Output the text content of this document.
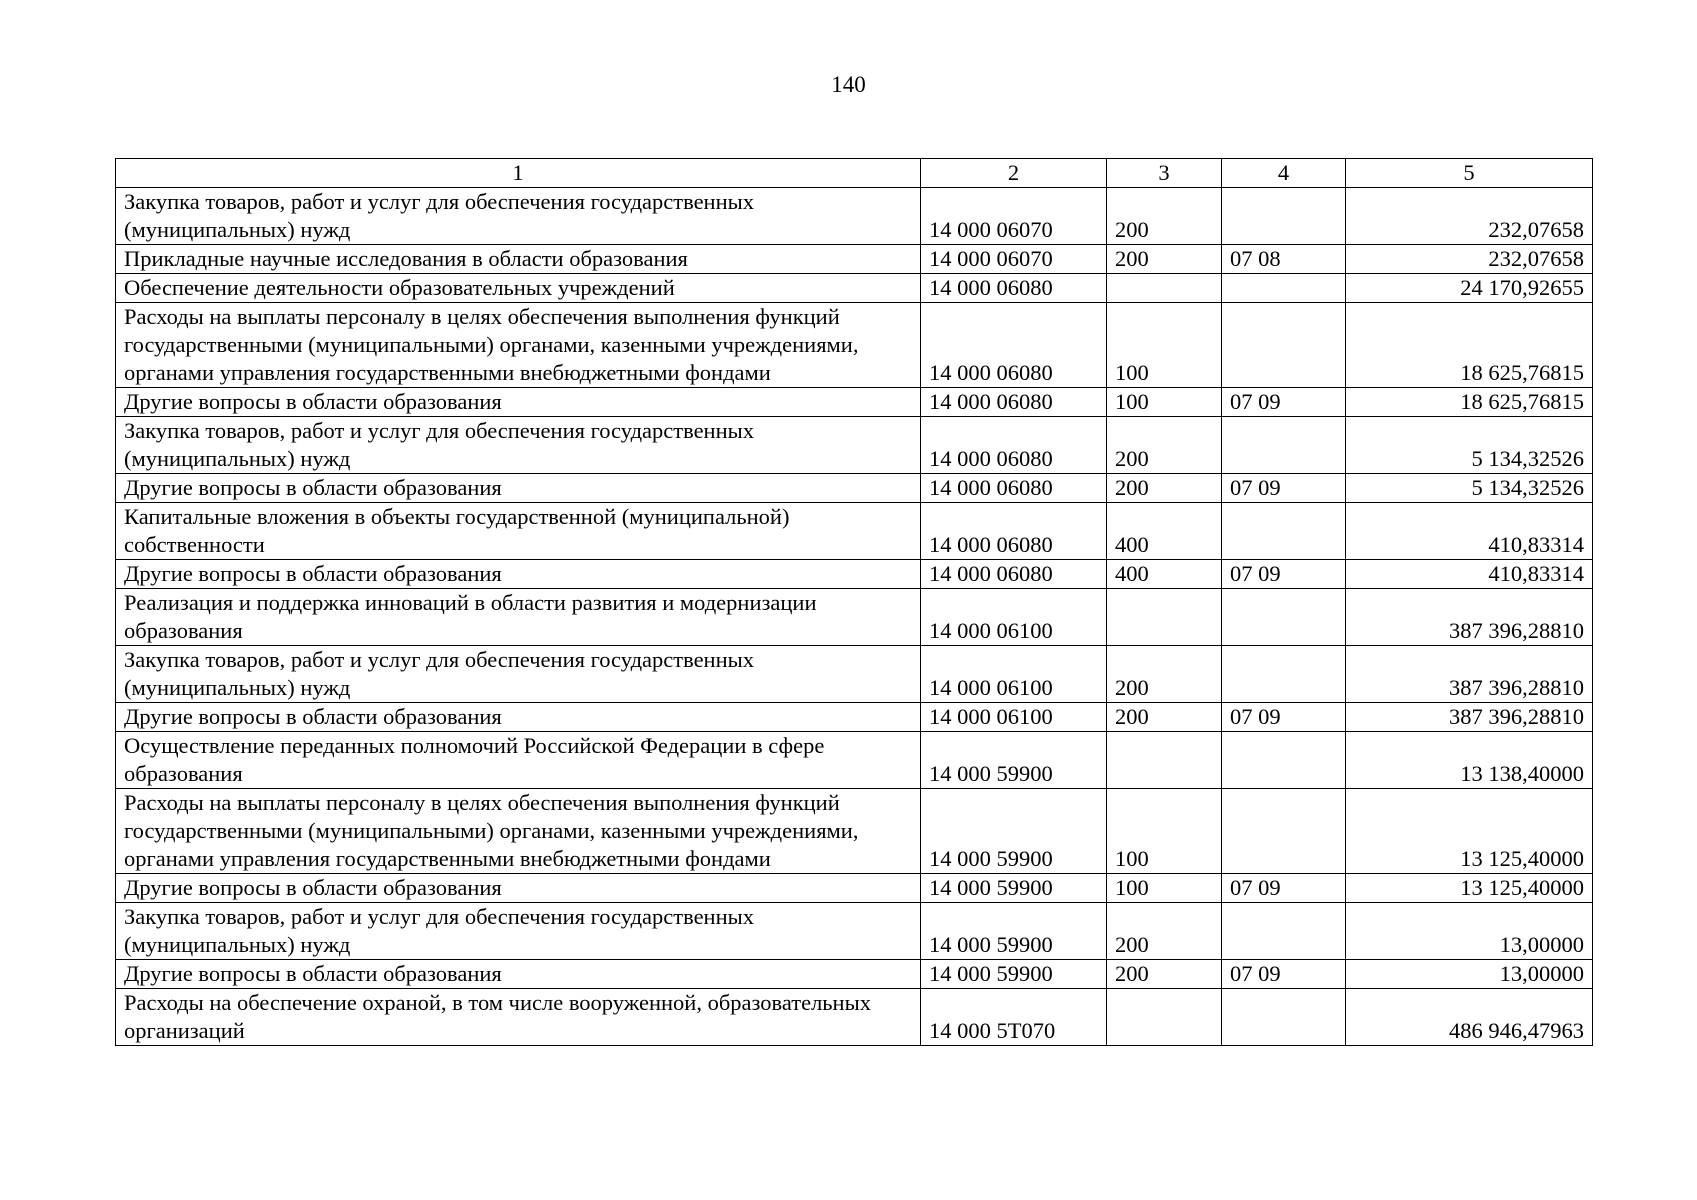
140
1	2	3	4	5
Закупка товаров, работ и услуг для обеспечения государственных (муниципальных) нужд	14 000 06070	200		232,07658
Прикладные научные исследования в области образования	14 000 06070	200	07 08	232,07658
Обеспечение деятельности образовательных учреждений	14 000 06080			24 170,92655
Расходы на выплаты персоналу в целях обеспечения выполнения функций государственными (муниципальными) органами, казенными учреждениями, органами управления государственными внебюджетными фондами	14 000 06080	100		18 625,76815
Другие вопросы в области образования	14 000 06080	100	07 09	18 625,76815
Закупка товаров, работ и услуг для обеспечения государственных (муниципальных) нужд	14 000 06080	200		5 134,32526
Другие вопросы в области образования	14 000 06080	200	07 09	5 134,32526
Капитальные вложения в объекты государственной (муниципальной) собственности	14 000 06080	400		410,83314
Другие вопросы в области образования	14 000 06080	400	07 09	410,83314
Реализация и поддержка инноваций в области развития и модернизации образования	14 000 06100			387 396,28810
Закупка товаров, работ и услуг для обеспечения государственных (муниципальных) нужд	14 000 06100	200		387 396,28810
Другие вопросы в области образования	14 000 06100	200	07 09	387 396,28810
Осуществление переданных полномочий Российской Федерации в сфере образования	14 000 59900			13 138,40000
Расходы на выплаты персоналу в целях обеспечения выполнения функций государственными (муниципальными) органами, казенными учреждениями, органами управления государственными внебюджетными фондами	14 000 59900	100		13 125,40000
Другие вопросы в области образования	14 000 59900	100	07 09	13 125,40000
Закупка товаров, работ и услуг для обеспечения государственных (муниципальных) нужд	14 000 59900	200		13,00000
Другие вопросы в области образования	14 000 59900	200	07 09	13,00000
Расходы на обеспечение охраной, в том числе вооруженной, образовательных организаций	14 000 5Т070			486 946,47963
